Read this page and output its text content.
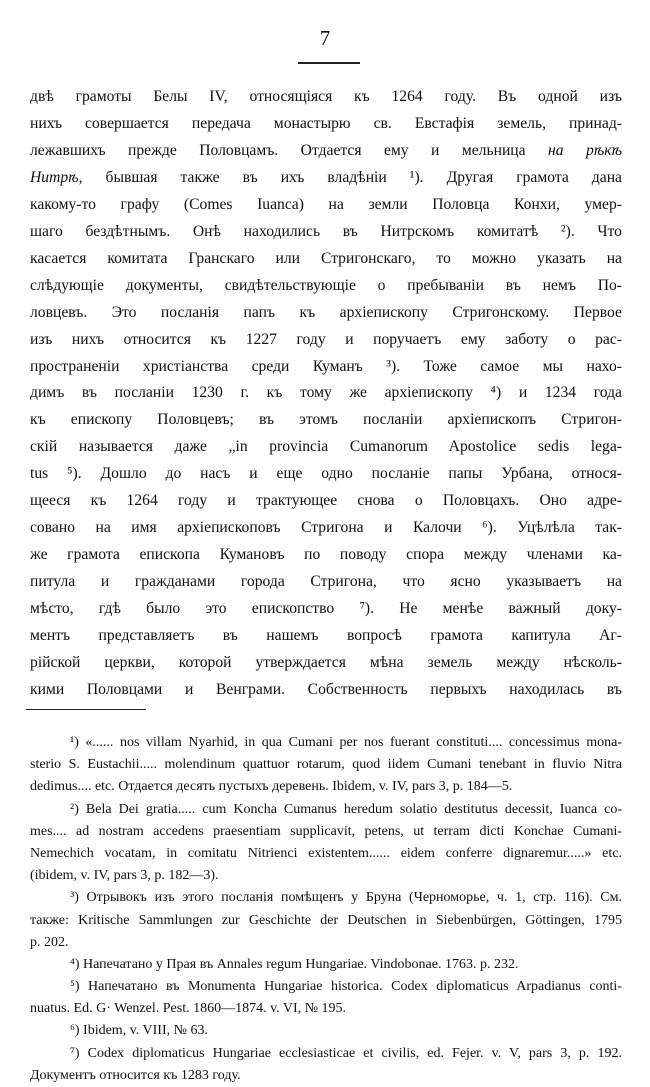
7
двѣ грамоты Белы IV, относящiяся къ 1264 году. Въ одной изъ
нихъ совершается передача монастырю св. Евстафiя земель, принад-
лежавшихъ прежде Половцамъ. Отдается ему и мельница на рѣкѣ
Нитрѣ, бывшая также въ ихъ владѣнiи ¹). Другая грамота дана
какому-то графу (Comes Iuanca) на земли Половца Конхи, умер-
шаго бездѣтнымъ. Онѣ находились въ Нитрскомъ комитатѣ ²). Что
касается комитата Гранскаго или Стригонскаго, то можно указать на
слѣдующiе документы, свидѣтельствующiе о пребыванiи въ немъ По-
ловцевъ. Это посланiя папъ къ архiепископу Стригонскому. Первое
изъ нихъ относится къ 1227 году и поручаетъ ему заботу о рас-
пространенiи христiанства среди Куманъ ³). Тоже самое мы нахо-
димъ въ посланiи 1230 г. къ тому же архiепископу ⁴) и 1234 года
къ епископу Половцевъ; въ этомъ посланiи архiепископъ Стригон-
скiй называется даже „in provincia Cumanorum Apostolice sedis lega-
tus ⁵). Дошло до насъ и еще одно посланiе папы Урбана, относя-
щееся къ 1264 году и трактующее снова о Половцахъ. Оно адре-
совано на имя архiепископовъ Стригона и Калочи ⁶). Уцѣлѣла так-
же грамота епископа Кумановъ по поводу спора между членами ка-
питула и гражданами города Стригона, что ясно указываетъ на
мѣсто, гдѣ было это епископство ⁷). Не менѣе важный доку-
ментъ представляетъ въ нашемъ вопросѣ грамота капитула Аг-
рiйской церкви, которой утверждается мѣна земель между нѣсколь-
кими Половцами и Венграми. Собственность первыхъ находилась въ
¹) «...... nos villam Nyarhid, in qua Cumani per nos fuerant constituti.... concessimus mona-
sterio S. Eustachii..... molendinum quattuor rotarum, quod iidem Cumani tenebant in fluvio Nitra
dedimus.... etc. Отдается десять пустыхъ деревень. Ibidem, v. IV, pars 3, p. 184—5.
²) Bela Dei gratia..... cum Koncha Cumanus heredum solatio destitutus decessit, Iuanca co-
mes.... ad nostram accedens praesentiam supplicavit, petens, ut terram dicti Konchae Cumani-
Nemechich vocatam, in comitatu Nitrienci existentem...... eidem conferre dignaremur.....» etc.
(ibidem, v. IV, pars 3, p. 182—3).
³) Отрывокъ изъ этого посланiя помѣщенъ у Бруна (Черноморье, ч. 1, стр. 116). См.
также: Kritische Sammlungen zur Geschichte der Deutschen in Siebenbürgen, Göttingen, 1795
p. 202.
⁴) Напечатано у Прая въ Annales regum Hungariae. Vindobonae. 1763. p. 232.
⁵) Напечатано въ Monumenta Hungariae historica. Codex diplomaticus Arpadianus conti-
nuatus. Ed. G· Wenzel. Pest. 1860—1874. v. VI, № 195.
⁶) Ibidem, v. VIII, № 63.
⁷) Codex diplomaticus Hungariae ecclesiasticae et civilis, ed. Fejer. v. V, pars 3, p. 192.
Документъ относится къ 1283 году.
